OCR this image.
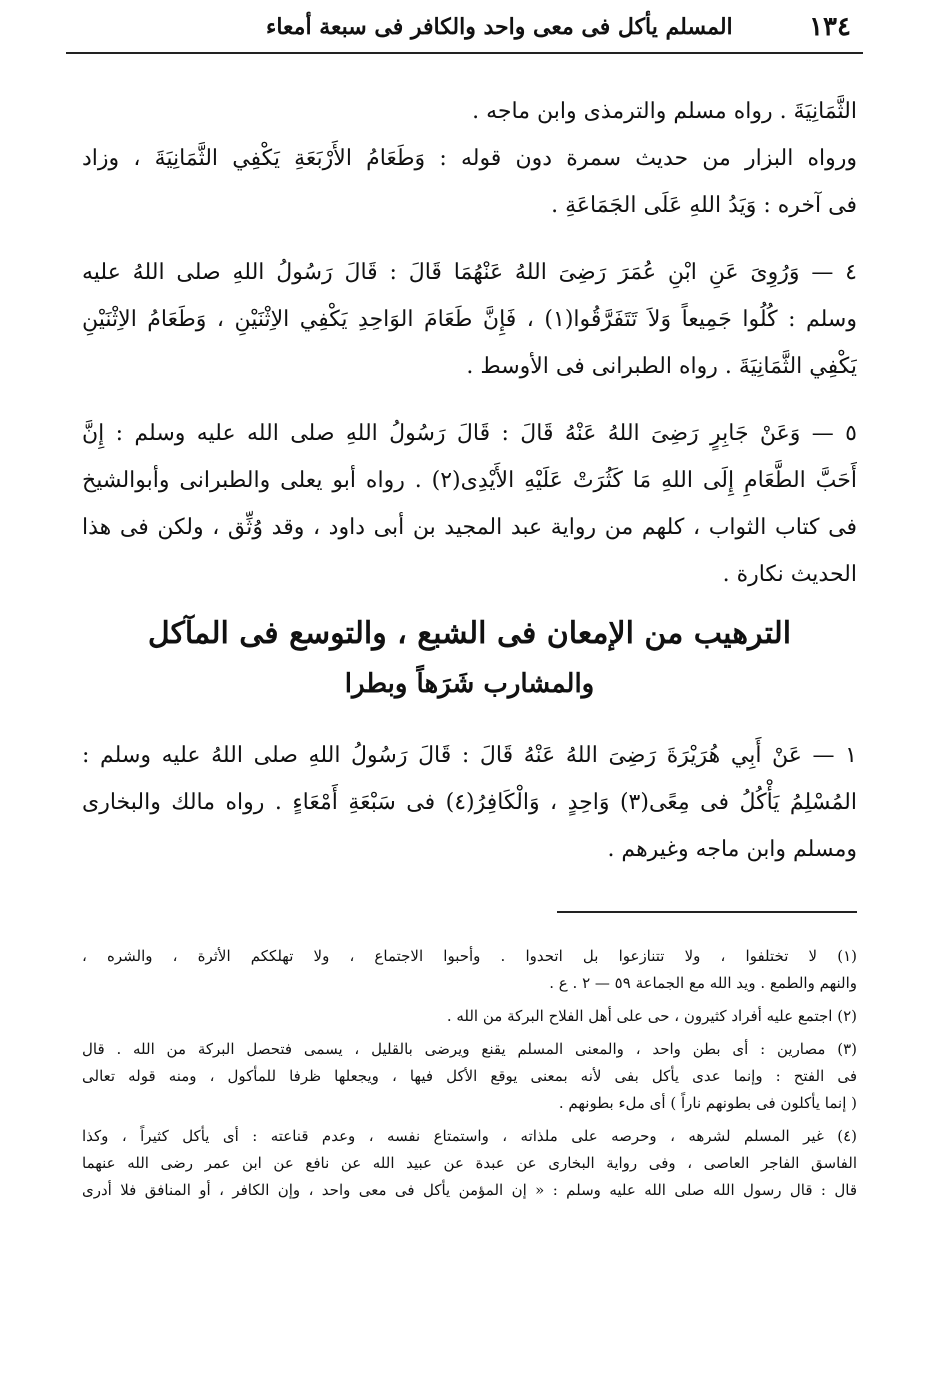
١٣٤
المسلم يأكل فى معى واحد والكافر فى سبعة أمعاء

الثَّمَانِيَةَ . رواه مسلم والترمذى وابن ماجه .

ورواه البزار من حديث سمرة دون قوله : وَطَعَامُ الأَرْبَعَةِ يَكْفِي الثَّمَانِيَةَ ، وزاد
فى آخره : وَيَدُ اللهِ عَلَى الجَمَاعَةِ .

٤ — وَرُوِىَ عَنِ ابْنِ عُمَرَ رَضِىَ اللهُ عَنْهُمَا قَالَ : قَالَ رَسُولُ اللهِ صلى اللهُ عليه
وسلم : كُلُوا جَمِيعاً وَلاَ تَتَفَرَّقُوا(١) ، فَإِنَّ طَعَامَ الوَاحِدِ يَكْفِي الاِثْنَيْنِ ، وَطَعَامُ الاِثْنَيْنِ
يَكْفِي الثَّمَانِيَةَ . رواه الطبرانى فى الأوسط .

٥ — وَعَنْ جَابِرٍ رَضِىَ اللهُ عَنْهُ قَالَ : قَالَ رَسُولُ اللهِ صلى الله عليه وسلم : إِنَّ
أَحَبَّ الطَّعَامِ إِلَى اللهِ مَا كَثُرَتْ عَلَيْهِ الأَيْدِى(٢) . رواه أبو يعلى والطبرانى وأبوالشيخ
فى كتاب الثواب ، كلهم من رواية عبد المجيد بن أبى داود ، وقد وُثِّق ، ولكن فى هذا
الحديث نكارة .

الترهيب من الإمعان فى الشبع ، والتوسع فى المآكل
والمشارب شَرَهاً وبطرا

١ — عَنْ أَبِي هُرَيْرَةَ رَضِىَ اللهُ عَنْهُ قَالَ : قَالَ رَسُولُ اللهِ صلى اللهُ عليه وسلم :
المُسْلِمُ يَأْكُلُ فى مِعًى(٣) وَاحِدٍ ، وَالْكَافِرُ(٤) فى سَبْعَةِ أَمْعَاءٍ . رواه مالك والبخارى
ومسلم وابن ماجه وغيرهم .

(١) لا تختلفوا ، ولا تتنازعوا بل اتحدوا . وأحبوا الاجتماع ، ولا تهلككم الأثرة ، والشره ،
والنهم والطمع . ويد الله مع الجماعة ٥٩ — ٢ . ع .

(٢) اجتمع عليه أفراد كثيرون ، حى على أهل الفلاح البركة من الله .

(٣) مصارين : أى بطن واحد ، والمعنى المسلم يقنع ويرضى بالقليل ، يسمى فتحصل البركة من الله . قال
فى الفتح : وإنما عدى يأكل بفى لأنه بمعنى يوقع الأكل فيها ، ويجعلها ظرفا للمأكول ، ومنه قوله تعالى
( إنما يأكلون فى بطونهم ناراً ) أى ملء بطونهم .

(٤) غير المسلم لشرهه ، وحرصه على ملذاته ، واستمتاع نفسه ، وعدم قناعته : أى يأكل كثيراً ، وكذا
الفاسق الفاجر العاصى ، وفى رواية البخارى عن عبدة عن عبيد الله عن نافع عن ابن عمر رضى الله عنهما
قال : قال رسول الله صلى الله عليه وسلم : « إن المؤمن يأكل فى معى واحد ، وإن الكافر ، أو المنافق فلا أدرى
